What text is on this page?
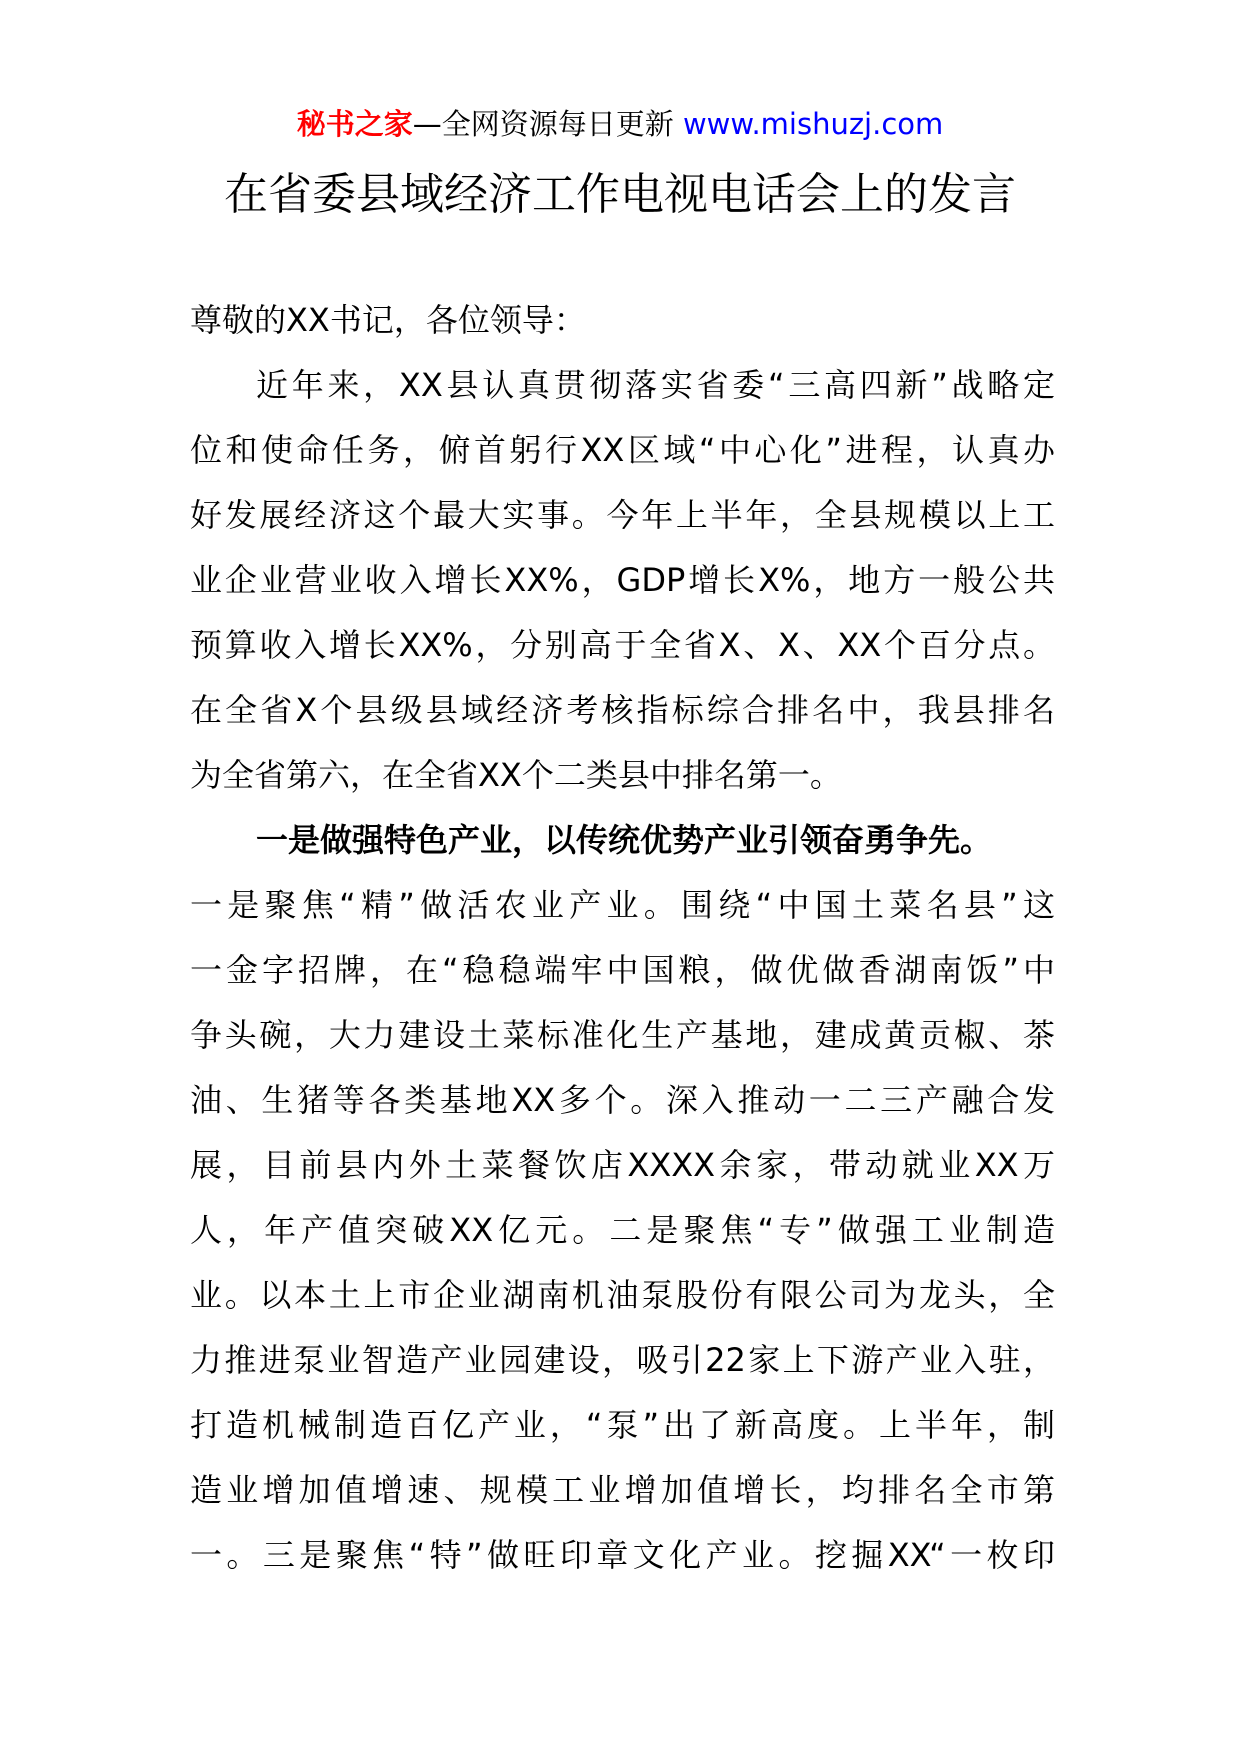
秘书之家—全网资源每日更新 www.mishuzj.com
在省委县域经济工作电视电话会上的发言
尊敬的XX书记，各位领导：
近年来，XX县认真贯彻落实省委“三高四新”战略定
位和使命任务，俯首躬行XX区域“中心化”进程，认真办
好发展经济这个最大实事。今年上半年，全县规模以上工
业企业营业收入增长XX%，GDP增长X%，地方一般公共
预算收入增长XX%，分别高于全省X、X、XX个百分点。
在全省X个县级县域经济考核指标综合排名中，我县排名
为全省第六，在全省XX个二类县中排名第一。
一是做强特色产业，以传统优势产业引领奋勇争先。
一是聚焦“精”做活农业产业。围绕“中国土菜名县”这
一金字招牌，在“稳稳端牢中国粮，做优做香湖南饭”中
争头碗，大力建设土菜标准化生产基地，建成黄贡椒、茶
油、生猪等各类基地XX多个。深入推动一二三产融合发
展，目前县内外土菜餐饮店XXXX余家，带动就业XX万
人，年产值突破XX亿元。二是聚焦“专”做强工业制造
业。以本土上市企业湖南机油泵股份有限公司为龙头，全
力推进泵业智造产业园建设，吸引22家上下游产业入驻，
打造机械制造百亿产业，“泵”出了新高度。上半年，制
造业增加值增速、规模工业增加值增长，均排名全市第
一。三是聚焦“特”做旺印章文化产业。挖掘XX“一枚印
